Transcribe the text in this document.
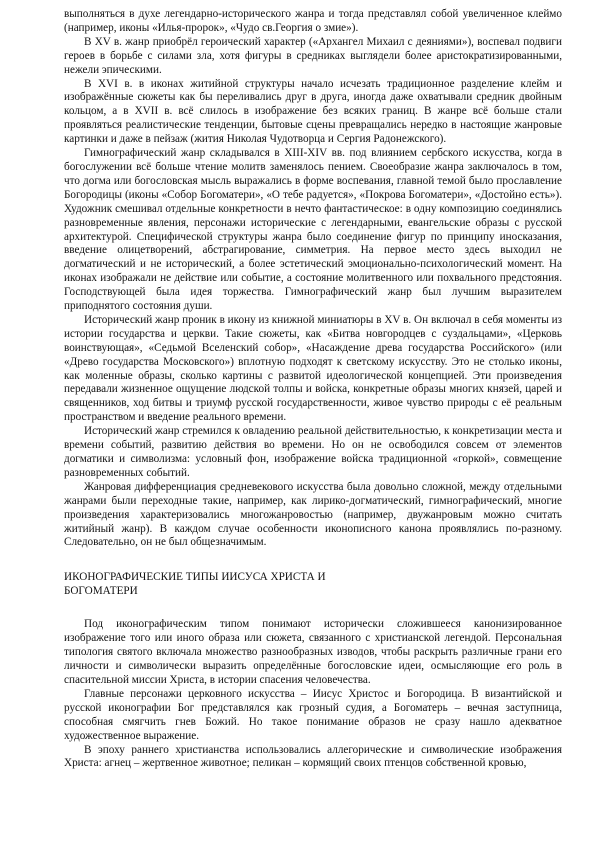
выполняться в духе легендарно-исторического жанра и тогда представлял собой увеличенное клеймо (например, иконы «Илья-пророк», «Чудо св.Георгия о змие»).

В XV в. жанр приобрёл героический характер («Архангел Михаил с деяниями»), воспевал подвиги героев в борьбе с силами зла, хотя фигуры в средниках выглядели более аристократизированными, нежели эпическими.

В XVI в. в иконах житийной структуры начало исчезать традиционное разделение клейм и изображённые сюжеты как бы переливались друг в друга, иногда даже охватывали средник двойным кольцом, а в XVII в. всё слилось в изображение без всяких границ. В жанре всё больше стали проявляться реалистические тенденции, бытовые сцены превращались нередко в настоящие жанровые картинки и даже в пейзаж (жития Николая Чудотворца и Сергия Радонежского).

Гимнографический жанр складывался в XIII-XIV вв. под влиянием сербского искусства, когда в богослужении всё больше чтение молитв заменялось пением. Своеобразие жанра заключалось в том, что догма или богословская мысль выражались в форме воспевания, главной темой было прославление Богородицы (иконы «Собор Богоматери», «О тебе радуется», «Покрова Богоматери», «Достойно есть»). Художник смешивал отдельные конкретности в нечто фантастическое: в одну композицию соединялись разновременные явления, персонажи исторические с легендарными, евангельские образы с русской архитектурой. Специфической структуры жанра было соединение фигур по принципу иносказания, введение олицетворений, абстрагирование, симметрия. На первое место здесь выходил не догматический и не исторический, а более эстетический эмоционально-психологический момент. На иконах изображали не действие или событие, а состояние молитвенного или похвального предстояния. Господствующей была идея торжества. Гимнографический жанр был лучшим выразителем приподнятого состояния души.

Исторический жанр проник в икону из книжной миниатюры в XV в. Он включал в себя моменты из истории государства и церкви. Такие сюжеты, как «Битва новгородцев с суздальцами», «Церковь воинствующая», «Седьмой Вселенский собор», «Насаждение древа государства Российского» (или «Древо государства Московского») вплотную подходят к светскому искусству. Это не столько иконы, как моленные образы, сколько картины с развитой идеологической концепцией. Эти произведения передавали жизненное ощущение людской толпы и войска, конкретные образы многих князей, царей и священников, ход битвы и триумф русской государственности, живое чувство природы с её реальным пространством и введение реального времени.

Исторический жанр стремился к овладению реальной действительностью, к конкретизации места и времени событий, развитию действия во времени. Но он не освободился совсем от элементов догматики и символизма: условный фон, изображение войска традиционной «горкой», совмещение разновременных событий.

Жанровая дифференциация средневекового искусства была довольно сложной, между отдельными жанрами были переходные такие, например, как лирико-догматический, гимнографический, многие произведения характеризовались многожанровостью (например, двужанровым можно считать житийный жанр). В каждом случае особенности иконописного канона проявлялись по-разному. Следовательно, он не был общезначимым.

ИКОНОГРАФИЧЕСКИЕ ТИПЫ ИИСУСА ХРИСТА И
БОГОМАТЕРИ

Под иконографическим типом понимают исторически сложившееся канонизированное изображение того или иного образа или сюжета, связанного с христианской легендой. Персональная типология святого включала множество разнообразных изводов, чтобы раскрыть различные грани его личности и символически выразить определённые богословские идеи, осмысляющие его роль в спасительной миссии Христа, в истории спасения человечества.

Главные персонажи церковного искусства – Иисус Христос и Богородица. В византийской и русской иконографии Бог представлялся как грозный судия, а Богоматерь – вечная заступница, способная смягчить гнев Божий. Но такое понимание образов не сразу нашло адекватное художественное выражение.

В эпоху раннего христианства использовались аллегорические и символические изображения Христа: агнец – жертвенное животное; пеликан – кормящий своих птенцов собственной кровью,
